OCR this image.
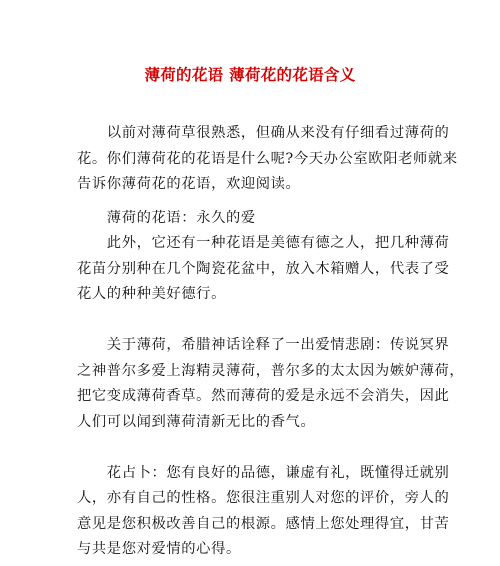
薄荷的花语 薄荷花的花语含义
　　以前对薄荷草很熟悉，但确从来没有仔细看过薄荷的
花。你们薄荷花的花语是什么呢?今天办公室欧阳老师就来
告诉你薄荷花的花语，欢迎阅读。
　　薄荷的花语：永久的爱
　　此外，它还有一种花语是美德有德之人，把几种薄荷
花苗分别种在几个陶瓷花盆中，放入木箱赠人，代表了受
花人的种种美好德行。
　　关于薄荷，希腊神话诠释了一出爱情悲剧：传说冥界
之神普尔多爱上海精灵薄荷，普尔多的太太因为嫉妒薄荷，
把它变成薄荷香草。然而薄荷的爱是永远不会消失，因此
人们可以闻到薄荷清新无比的香气。
　　花占卜：您有良好的品德，谦虚有礼，既懂得迁就别
人，亦有自己的性格。您很注重别人对您的评价，旁人的
意见是您积极改善自己的根源。感情上您处理得宜，甘苦
与共是您对爱情的心得。
